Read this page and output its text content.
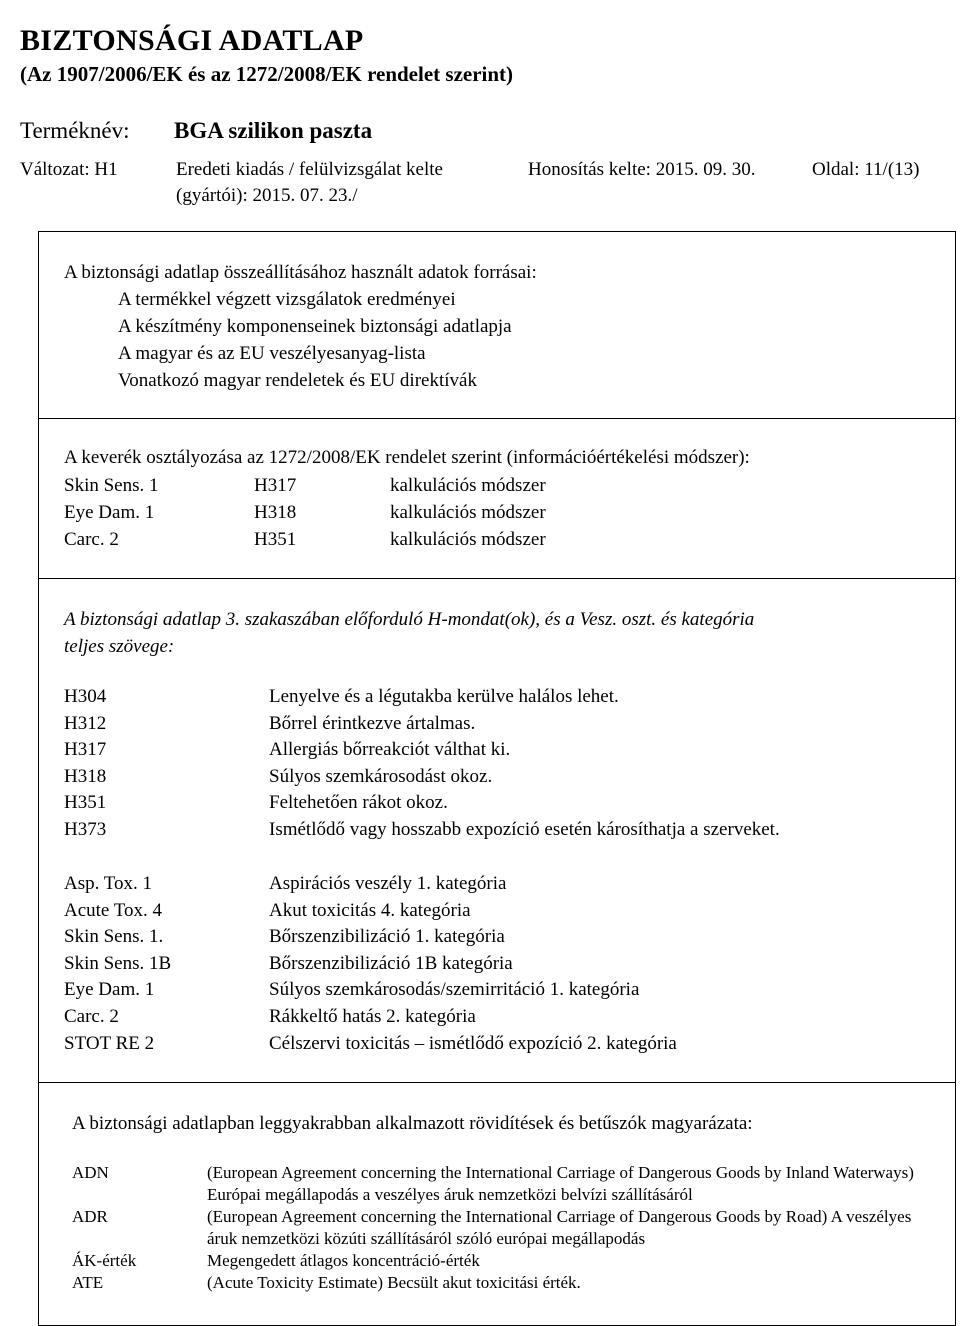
BIZTONSÁGI ADATLAP
(Az 1907/2006/EK és az 1272/2008/EK rendelet szerint)
Terméknév: BGA szilikon paszta
Változat: H1	Eredeti kiadás / felülvizsgálat kelte
(gyártói): 2015. 07. 23./
Honosítás kelte: 2015. 09. 30.	Oldal: 11/(13)
A biztonsági adatlap összeállításához használt adatok forrásai:
A termékkel végzett vizsgálatok eredményei
A készítmény komponenseinek biztonsági adatlapja
A magyar és az EU veszélyesanyag-lista
Vonatkozó magyar rendeletek és EU direktívák
A keverék osztályozása az 1272/2008/EK rendelet szerint (információértékelési módszer):
Skin Sens. 1	H317	kalkulációs módszer
Eye Dam. 1	H318	kalkulációs módszer
Carc. 2	H351	kalkulációs módszer
A biztonsági adatlap 3. szakaszában előforduló H-mondat(ok), és a Vesz. oszt. és kategória
teljes szövege:
H304	Lenyelve és a légutakba kerülve halálos lehet.
H312	Bőrrel érintkezve ártalmas.
H317	Allergiás bőrreakciót válthat ki.
H318	Súlyos szemkárosodást okoz.
H351	Feltehetően rákot okoz.
H373	Ismétlődő vagy hosszabb expozíció esetén károsíthatja a szerveket.
Asp. Tox. 1	Aspirációs veszély 1. kategória
Acute Tox. 4	Akut toxicitás 4. kategória
Skin Sens. 1.	Bőrszenzibilizáció 1. kategória
Skin Sens. 1B	Bőrszenzibilizáció 1B kategória
Eye Dam. 1	Súlyos szemkárosodás/szemirritáció 1. kategória
Carc. 2	Rákkeltő hatás 2. kategória
STOT RE 2	Célszervi toxicitás – ismétlődő expozíció 2. kategória
A biztonsági adatlapban leggyakrabban alkalmazott rövidítések és betűszók magyarázata:
ADN	(European Agreement concerning the International Carriage of Dangerous Goods by Inland Waterways) Európai megállapodás a veszélyes áruk nemzetközi belvízi szállításáról
ADR	(European Agreement concerning the International Carriage of Dangerous Goods by Road) A veszélyes áruk nemzetközi közúti szállításáról szóló európai megállapodás
ÁK-érték	Megengedett átlagos koncentráció-érték
ATE	(Acute Toxicity Estimate) Becsült akut toxicitási érték.
